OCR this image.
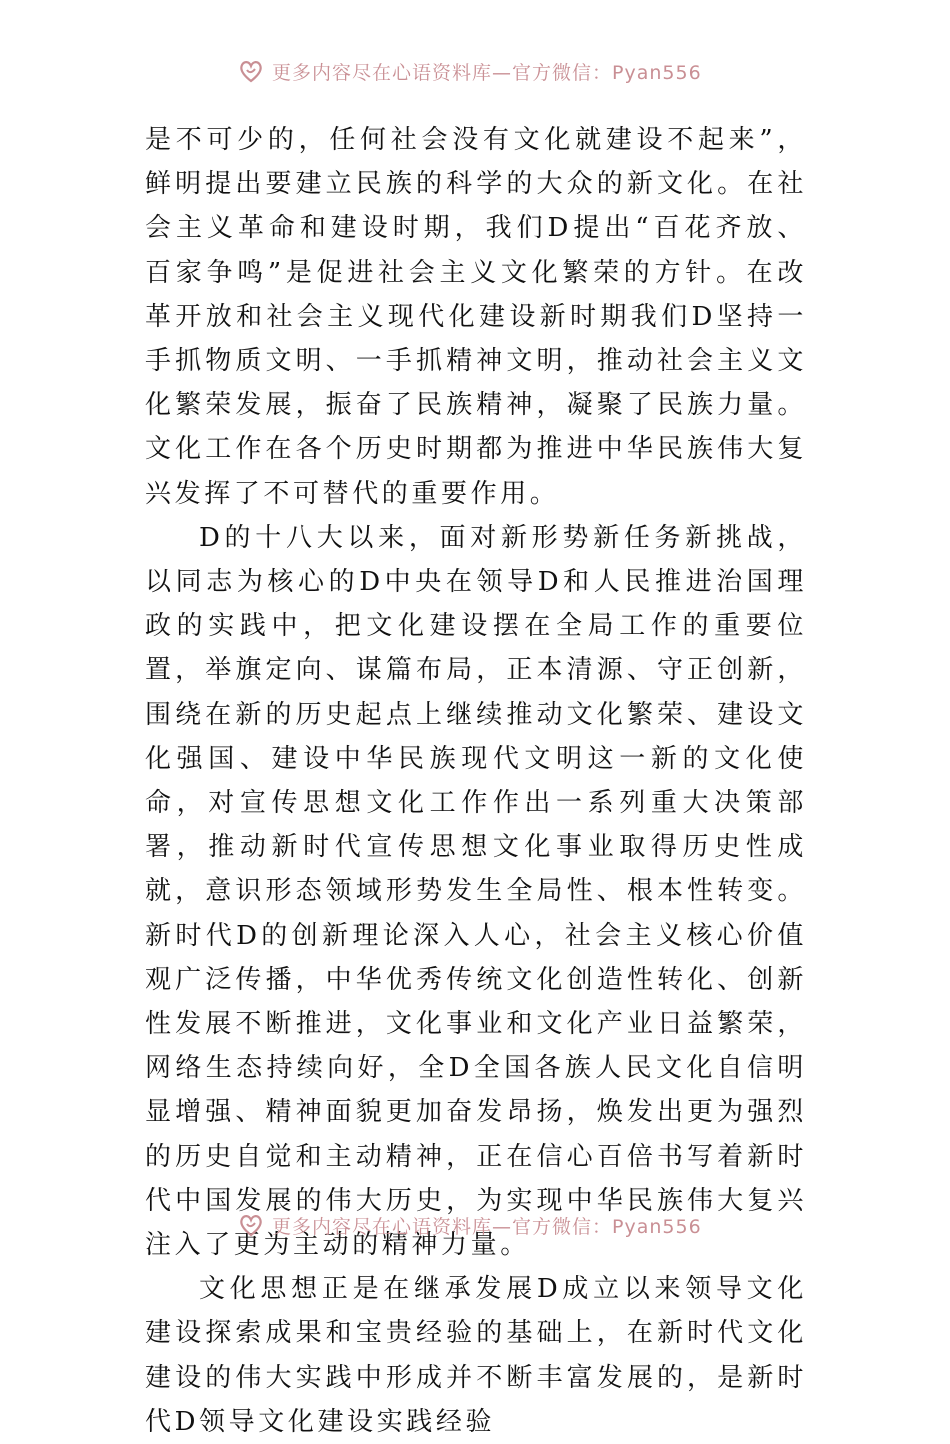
更多内容尽在心语资料库—官方微信：Pyan556

是不可少的，任何社会没有文化就建设不起来”，鲜明提出要建立民族的科学的大众的新文化。在社会主义革命和建设时期，我们D提出“百花齐放、百家争鸣”是促进社会主义文化繁荣的方针。在改革开放和社会主义现代化建设新时期我们D坚持一手抓物质文明、一手抓精神文明，推动社会主义文化繁荣发展，振奋了民族精神，凝聚了民族力量。文化工作在各个历史时期都为推进中华民族伟大复兴发挥了不可替代的重要作用。

D的十八大以来，面对新形势新任务新挑战，以同志为核心的D中央在领导D和人民推进治国理政的实践中，把文化建设摆在全局工作的重要位置，举旗定向、谋篇布局，正本清源、守正创新，围绕在新的历史起点上继续推动文化繁荣、建设文化强国、建设中华民族现代文明这一新的文化使命，对宣传思想文化工作作出一系列重大决策部署，推动新时代宣传思想文化事业取得历史性成就，意识形态领域形势发生全局性、根本性转变。新时代D的创新理论深入人心，社会主义核心价值观广泛传播，中华优秀传统文化创造性转化、创新性发展不断推进，文化事业和文化产业日益繁荣，网络生态持续向好，全D全国各族人民文化自信明显增强、精神面貌更加奋发昂扬，焕发出更为强烈的历史自觉和主动精神，正在信心百倍书写着新时代中国发展的伟大历史，为实现中华民族伟大复兴注入了更为主动的精神力量。

文化思想正是在继承发展D成立以来领导文化建设探索成果和宝贵经验的基础上，在新时代文化建设的伟大实践中形成并不断丰富发展的，是新时代D领导文化建设实践经验

更多内容尽在心语资料库—官方微信：Pyan556
